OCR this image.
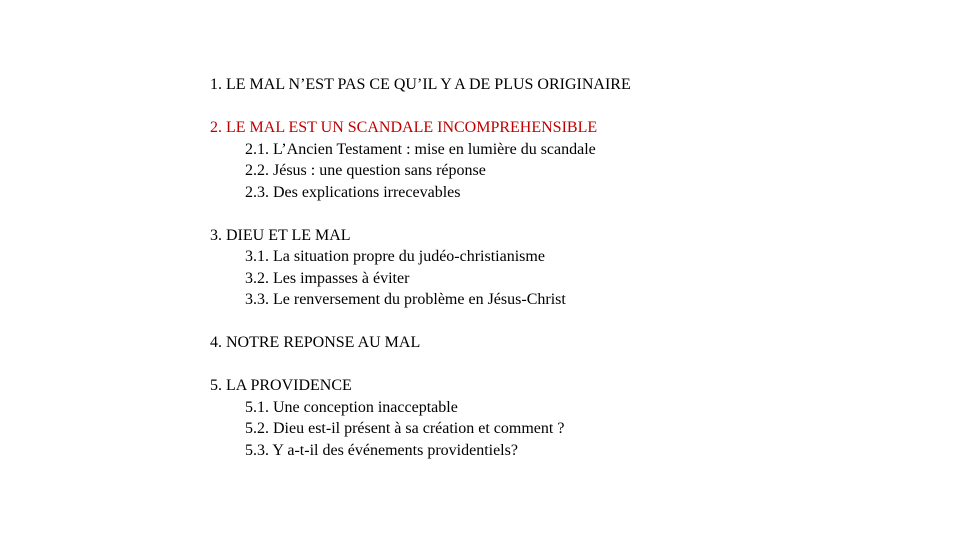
1. LE MAL N’EST PAS CE QU’IL Y A DE PLUS ORIGINAIRE
2. LE MAL EST UN SCANDALE INCOMPREHENSIBLE
2.1. L’Ancien Testament : mise en lumière du scandale
2.2. Jésus : une question sans réponse
2.3. Des explications irrecevables
3. DIEU ET LE MAL
3.1. La situation propre du judéo-christianisme
3.2. Les impasses à éviter
3.3. Le renversement du problème en Jésus-Christ
4. NOTRE REPONSE AU MAL
5. LA PROVIDENCE
5.1. Une conception inacceptable
5.2. Dieu est-il présent à sa création et comment ?
5.3. Y a-t-il des événements providentiels?
